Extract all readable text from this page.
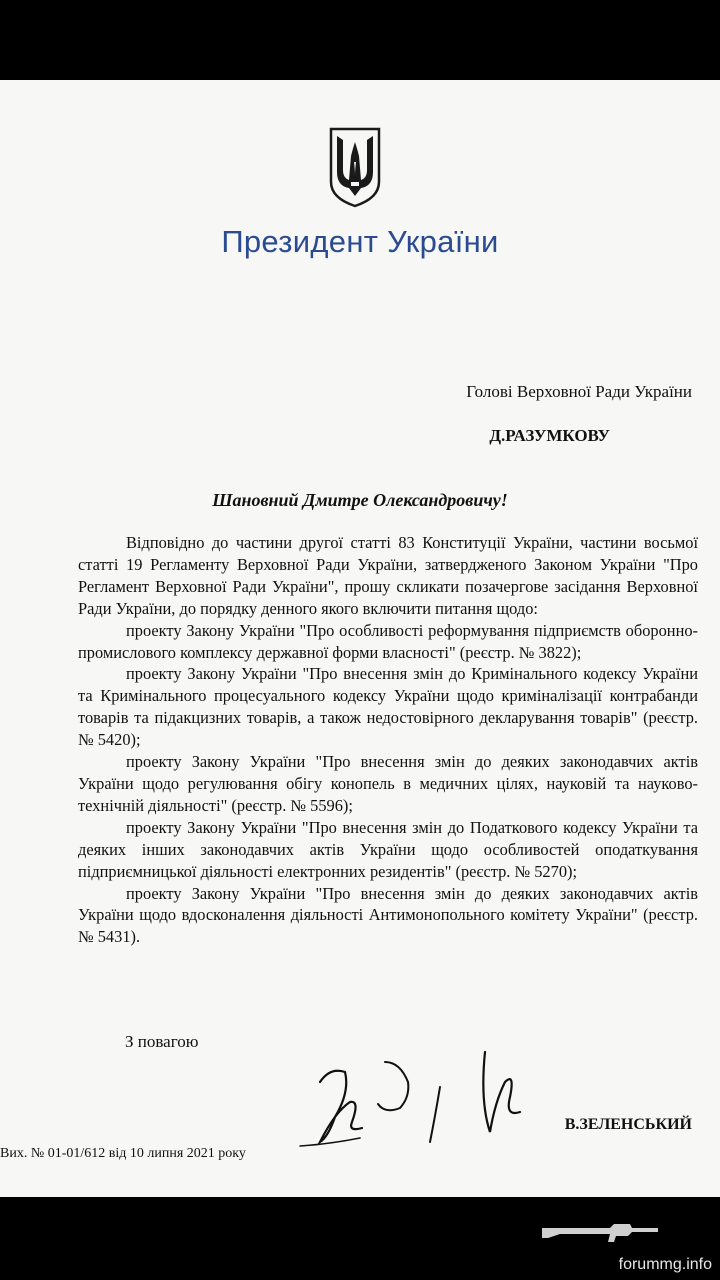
Президент України
Голові Верховної Ради України
Д.РАЗУМКОВУ
Шановний Дмитре Олександровичу!

Відповідно до частини другої статті 83 Конституції України, частини восьмої статті 19 Регламенту Верховної Ради України, затвердженого Законом України "Про Регламент Верховної Ради України", прошу скликати позачергове засідання Верховної Ради України, до порядку денного якого включити питання щодо:

проекту Закону України "Про особливості реформування підприємств оборонно-промислового комплексу державної форми власності" (реєстр. № 3822);

проекту Закону України "Про внесення змін до Кримінального кодексу України та Кримінального процесуального кодексу України щодо криміналізації контрабанди товарів та підакцизних товарів, а також недостовірного декларування товарів" (реєстр. № 5420);

проекту Закону України "Про внесення змін до деяких законодавчих актів України щодо регулювання обігу конопель в медичних цілях, науковій та науково-технічній діяльності" (реєстр. № 5596);

проекту Закону України "Про внесення змін до Податкового кодексу України та деяких інших законодавчих актів України щодо особливостей оподаткування підприємницької діяльності електронних резидентів" (реєстр. № 5270);

проекту Закону України "Про внесення змін до деяких законодавчих актів України щодо вдосконалення діяльності Антимонопольного комітету України" (реєстр. № 5431).

З повагою
В.ЗЕЛЕНСЬКИЙ
Вих. № 01-01/612 від 10 липня 2021 року
forummg.info
